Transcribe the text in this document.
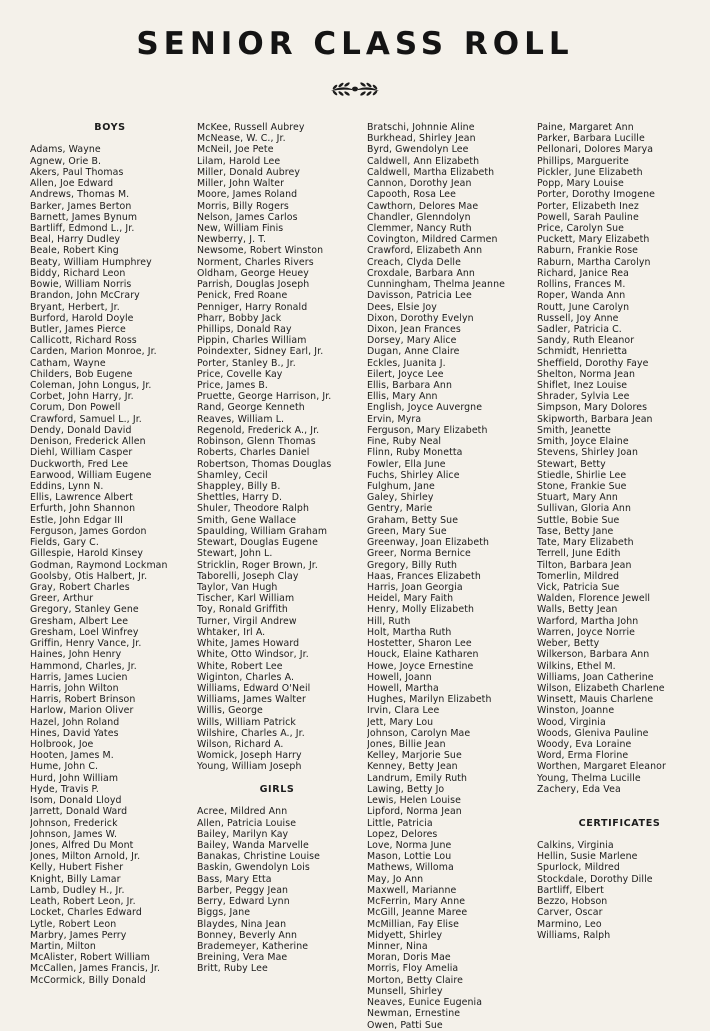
SENIOR CLASS ROLL
BOYS
Adams, Wayne
Agnew, Orie B.
Akers, Paul Thomas
Allen, Joe Edward
Andrews, Thomas M.
Barker, James Berton
Barnett, James Bynum
Bartliff, Edmond L., Jr.
Beal, Harry Dudley
Beale, Robert King
Beaty, William Humphrey
Biddy, Richard Leon
Bowie, William Norris
Brandon, John McCrary
Bryant, Herbert, Jr.
Burford, Harold Doyle
Butler, James Pierce
Callicott, Richard Ross
Carden, Marion Monroe, Jr.
Catham, Wayne
Childers, Bob Eugene
Coleman, John Longus, Jr.
Corbet, John Harry, Jr.
Corum, Don Powell
Crawford, Samuel L., Jr.
Dendy, Donald David
Denison, Frederick Allen
Diehl, William Casper
Duckworth, Fred Lee
Earwood, William Eugene
Eddins, Lynn N.
Ellis, Lawrence Albert
Erfurth, John Shannon
Estle, John Edgar III
Ferguson, James Gordon
Fields, Gary C.
Gillespie, Harold Kinsey
Godman, Raymond Lockman
Goolsby, Otis Halbert, Jr.
Gray, Robert Charles
Greer, Arthur
Gregory, Stanley Gene
Gresham, Albert Lee
Gresham, Loel Winfrey
Griffin, Henry Vance, Jr.
Haines, John Henry
Hammond, Charles, Jr.
Harris, James Lucien
Harris, John Wilton
Harris, Robert Brinson
Harlow, Marion Oliver
Hazel, John Roland
Hines, David Yates
Holbrook, Joe
Hooten, James M.
Hume, John C.
Hurd, John William
Hyde, Travis P.
Isom, Donald Lloyd
Jarrett, Donald Ward
Johnson, Frederick
Johnson, James W.
Jones, Alfred Du Mont
Jones, Milton Arnold, Jr.
Kelly, Hubert Fisher
Knight, Billy Lamar
Lamb, Dudley H., Jr.
Leath, Robert Leon, Jr.
Locket, Charles Edward
Lytle, Robert Leon
Marbry, James Perry
Martin, Milton
McAlister, Robert William
McCallen, James Francis, Jr.
McCormick, Billy Donald
McKee, Russell Aubrey
McNease, W. C., Jr.
McNeil, Joe Pete
Lilam, Harold Lee
Miller, Donald Aubrey
Miller, John Walter
Moore, James Roland
Morris, Billy Rogers
Nelson, James Carlos
New, William Finis
Newberry, J. T.
Newsome, Robert Winston
Norment, Charles Rivers
Oldham, George Heuey
Parrish, Douglas Joseph
Penick, Fred Roane
Penniger, Harry Ronald
Pharr, Bobby Jack
Phillips, Donald Ray
Pippin, Charles William
Poindexter, Sidney Earl, Jr.
Porter, Stanley B., Jr.
Price, Covelle Kay
Price, James B.
Pruette, George Harrison, Jr.
Rand, George Kenneth
Reaves, William L.
Regenold, Frederick A., Jr.
Robinson, Glenn Thomas
Roberts, Charles Daniel
Robertson, Thomas Douglas
Shamley, Cecil
Shappley, Billy B.
Shettles, Harry D.
Shuler, Theodore Ralph
Smith, Gene Wallace
Spaulding, William Graham
Stewart, Douglas Eugene
Stewart, John L.
Stricklin, Roger Brown, Jr.
Taborelli, Joseph Clay
Taylor, Van Hugh
Tischer, Karl William
Toy, Ronald Griffith
Turner, Virgil Andrew
Whtaker, Irl A.
White, James Howard
White, Otto Windsor, Jr.
White, Robert Lee
Wiginton, Charles A.
Williams, Edward O'Neil
Williams, James Walter
Willis, George
Wills, William Patrick
Wilshire, Charles A., Jr.
Wilson, Richard A.
Womick, Joseph Harry
Young, William Joseph
GIRLS
Acree, Mildred Ann
Allen, Patricia Louise
Bailey, Marilyn Kay
Bailey, Wanda Marvelle
Banakas, Christine Louise
Baskin, Gwendolyn Lois
Bass, Mary Etta
Barber, Peggy Jean
Berry, Edward Lynn
Biggs, Jane
Blaydes, Nina Jean
Bonney, Beverly Ann
Brademeyer, Katherine
Breining, Vera Mae
Britt, Ruby Lee
Bratschi, Johnnie Aline
Burkhead, Shirley Jean
Byrd, Gwendolyn Lee
Caldwell, Ann Elizabeth
Caldwell, Martha Elizabeth
Cannon, Dorothy Jean
Capooth, Rosa Lee
Cawthorn, Delores Mae
Chandler, Glenndolyn
Clemmer, Nancy Ruth
Covington, Mildred Carmen
Crawford, Elizabeth Ann
Creach, Clyda Delle
Croxdale, Barbara Ann
Cunningham, Thelma Jeanne
Davisson, Patricia Lee
Dees, Elsie Joy
Dixon, Dorothy Evelyn
Dixon, Jean Frances
Dorsey, Mary Alice
Dugan, Anne Claire
Eckles, Juanita J.
Eilert, Joyce Lee
Ellis, Barbara Ann
Ellis, Mary Ann
English, Joyce Auvergne
Ervin, Myra
Ferguson, Mary Elizabeth
Fine, Ruby Neal
Flinn, Ruby Monetta
Fowler, Ella June
Fuchs, Shirley Alice
Fulghum, Jane
Galey, Shirley
Gentry, Marie
Graham, Betty Sue
Green, Mary Sue
Greenway, Joan Elizabeth
Greer, Norma Bernice
Gregory, Billy Ruth
Haas, Frances Elizabeth
Harris, Joan Georgia
Heidel, Mary Faith
Henry, Molly Elizabeth
Hill, Ruth
Holt, Martha Ruth
Hostetter, Sharon Lee
Houck, Elaine Katharen
Howe, Joyce Ernestine
Howell, Joann
Howell, Martha
Hughes, Marilyn Elizabeth
Irvin, Clara Lee
Jett, Mary Lou
Johnson, Carolyn Mae
Jones, Billie Jean
Kelley, Marjorie Sue
Kenney, Betty Jean
Landrum, Emily Ruth
Lawing, Betty Jo
Lewis, Helen Louise
Lipford, Norma Jean
Little, Patricia
Lopez, Delores
Love, Norma June
Mason, Lottie Lou
Mathews, Willoma
May, Jo Ann
Maxwell, Marianne
McFerrin, Mary Anne
McGill, Jeanne Maree
McMillian, Fay Elise
Midyett, Shirley
Minner, Nina
Moran, Doris Mae
Morris, Floy Amelia
Morton, Betty Claire
Munsell, Shirley
Neaves, Eunice Eugenia
Newman, Ernestine
Owen, Patti Sue
Paine, Margaret Ann
Parker, Barbara Lucille
Pellonari, Dolores Marya
Phillips, Marguerite
Pickler, June Elizabeth
Popp, Mary Louise
Porter, Dorothy Imogene
Porter, Elizabeth Inez
Powell, Sarah Pauline
Price, Carolyn Sue
Puckett, Mary Elizabeth
Raburn, Frankie Rose
Raburn, Martha Carolyn
Richard, Janice Rea
Rollins, Frances M.
Roper, Wanda Ann
Routt, June Carolyn
Russell, Joy Anne
Sadler, Patricia C.
Sandy, Ruth Eleanor
Schmidt, Henrietta
Sheffield, Dorothy Faye
Shelton, Norma Jean
Shiflet, Inez Louise
Shrader, Sylvia Lee
Simpson, Mary Dolores
Skipworth, Barbara Jean
Smith, Jeanette
Smith, Joyce Elaine
Stevens, Shirley Joan
Stewart, Betty
Stiedle, Shirlie Lee
Stone, Frankie Sue
Stuart, Mary Ann
Sullivan, Gloria Ann
Suttle, Bobie Sue
Tase, Betty Jane
Tate, Mary Elizabeth
Terrell, June Edith
Tilton, Barbara Jean
Tomerlin, Mildred
Vick, Patricia Sue
Walden, Florence Jewell
Walls, Betty Jean
Warford, Martha John
Warren, Joyce Norrie
Weber, Betty
Wilkerson, Barbara Ann
Wilkins, Ethel M.
Williams, Joan Catherine
Wilson, Elizabeth Charlene
Winsett, Mauis Charlene
Winston, Joanne
Wood, Virginia
Woods, Gleniva Pauline
Woody, Eva Loraine
Word, Erma Florine
Worthen, Margaret Eleanor
Young, Thelma Lucille
Zachery, Eda Vea
CERTIFICATES
Calkins, Virginia
Hellin, Susie Marlene
Spurlock, Mildred
Stockdale, Dorothy Dille
Bartliff, Elbert
Bezzo, Hobson
Carver, Oscar
Marmino, Leo
Williams, Ralph
